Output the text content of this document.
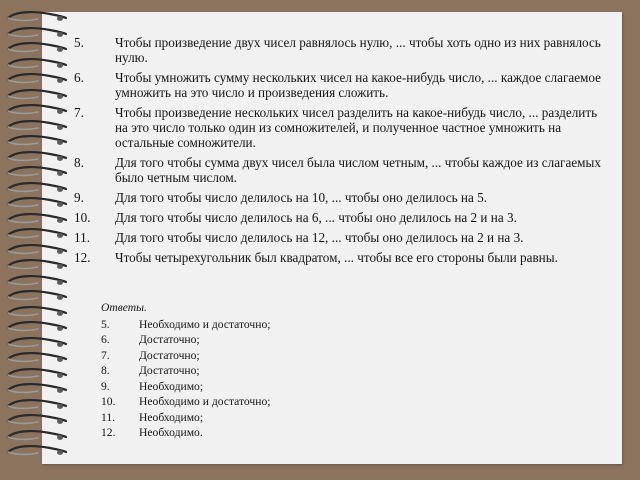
5.	Чтобы произведение двух чисел равнялось нулю, ... чтобы хоть одно из них равнялось нулю.
6.	Чтобы умножить сумму нескольких чисел на какое-нибудь число, ... каждое слагаемое умножить на это число и произведения сложить.
7.	Чтобы произведение нескольких чисел разделить на какое-нибудь число, ... разделить на это число только один из сомножителей, и полученное частное умножить на остальные сомножители.
8.	Для того чтобы сумма двух чисел была числом четным, ... чтобы каждое из слагаемых было четным числом.
9.	Для того чтобы число делилось на 10, ... чтобы оно делилось на 5.
10.	Для того чтобы число делилось на 6, ... чтобы оно делилось на 2 и на 3.
11.	Для того чтобы число делилось на 12, ... чтобы оно делилось на 2 и на 3.
12.	Чтобы четырехугольник был квадратом, ... чтобы все его стороны были равны.
Ответы.
5.	Необходимо и достаточно;
6.	Достаточно;
7.	Достаточно;
8.	Достаточно;
9.	Необходимо;
10.	Необходимо и достаточно;
11.	Необходимо;
12.	Необходимо.
